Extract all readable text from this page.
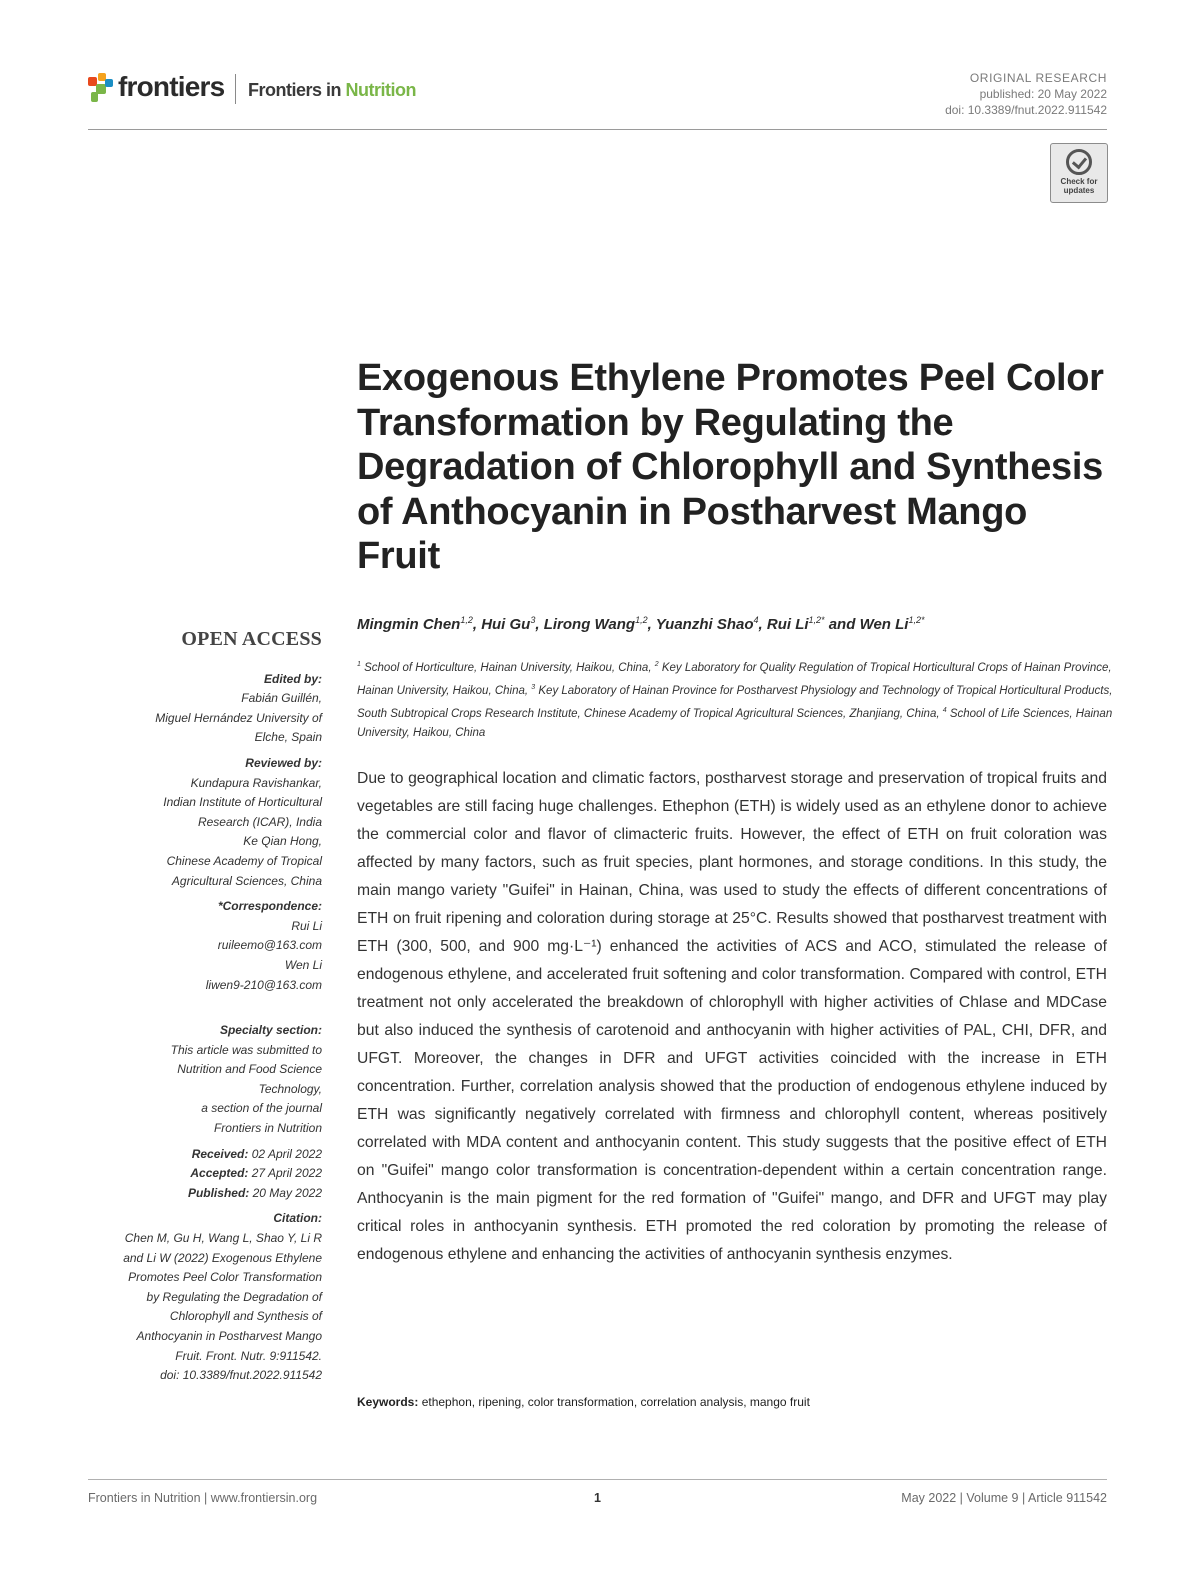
frontiers Frontiers in Nutrition
ORIGINAL RESEARCH
published: 20 May 2022
doi: 10.3389/fnut.2022.911542
Check for
updates
Exogenous Ethylene Promotes Peel Color Transformation by Regulating the Degradation of Chlorophyll and Synthesis of Anthocyanin in Postharvest Mango Fruit
Mingmin Chen$^{1,2}$, Hui Gu$^3$, Lirong Wang$^{1,2}$, Yuanzhi Shao$^4$, Rui $Li^{1,2*}$ and Wen $Li^{1,2*}$
$^1$ School of Horticulture, Hainan University, Haikou, China, $^2$ Key Laboratory for Quality Regulation of Tropical Horticultural Crops of Hainan Province, Hainan University, Haikou, China, $^3$ Key Laboratory of Hainan Province for Postharvest Physiology and Technology of Tropical Horticultural Products, South Subtropical Crops Research Institute, Chinese Academy of Tropical Agricultural Sciences, Zhanjiang, China, $^4$ School of Life Sciences, Hainan University, Haikou, China

Due to geographical location and climatic factors, postharvest storage and preservation of tropical fruits and vegetables are still facing huge challenges. Ethephon (ETH) is widely used as an ethylene donor to achieve the commercial color and flavor of climacteric fruits. However, the effect of ETH on fruit coloration was affected by many factors, such as fruit species, plant hormones, and storage conditions. In this study, the main mango variety "Guifei" in Hainan, China, was used to study the effects of different concentrations of ETH on fruit ripening and coloration during storage at 25°C. Results showed that postharvest treatment with ETH (300, 500, and 900 mg·L⁻¹) enhanced the activities of ACS and ACO, stimulated the release of endogenous ethylene, and accelerated fruit softening and color transformation. Compared with control, ETH treatment not only accelerated the breakdown of chlorophyll with higher activities of Chlase and MDCase but also induced the synthesis of carotenoid and anthocyanin with higher activities of PAL, CHI, DFR, and UFGT. Moreover, the changes in DFR and UFGT activities coincided with the increase in ETH concentration. Further, correlation analysis showed that the production of endogenous ethylene induced by ETH was significantly negatively correlated with firmness and chlorophyll content, whereas positively correlated with MDA content and anthocyanin content. This study suggests that the positive effect of ETH on "Guifei" mango color transformation is concentration-dependent within a certain concentration range. Anthocyanin is the main pigment for the red formation of "Guifei" mango, and DFR and UFGT may play critical roles in anthocyanin synthesis. ETH promoted the red coloration by promoting the release of endogenous ethylene and enhancing the activities of anthocyanin synthesis enzymes.

Keywords: ethephon, ripening, color transformation, correlation analysis, mango fruit
OPEN ACCESS
Edited by:
Fabián Guillén,
Miguel Hernández University of
Elche, Spain
Reviewed by:
Kundapura Ravishankar,
Indian Institute of Horticultural
Research (ICAR), India
Ke Qian Hong,
Chinese Academy of Tropical
Agricultural Sciences, China
*Correspondence:
Rui Li
ruileemo@163.com
Wen Li
liwen9-210@163.com
Specialty section:
This article was submitted to
Nutrition and Food Science
Technology,
a section of the journal
Frontiers in Nutrition
Received: 02 April 2022
Accepted: 27 April 2022
Published: 20 May 2022
Citation:
Chen M, Gu H, Wang L, Shao Y, Li R
and Li W (2022) Exogenous Ethylene
Promotes Peel Color Transformation
by Regulating the Degradation of
Chlorophyll and Synthesis of
Anthocyanin in Postharvest Mango
Fruit. Front. Nutr. 9:911542.
doi: 10.3389/fnut.2022.911542
Frontiers in Nutrition | www.frontiersin.org	1	May 2022 | Volume 9 | Article 911542
